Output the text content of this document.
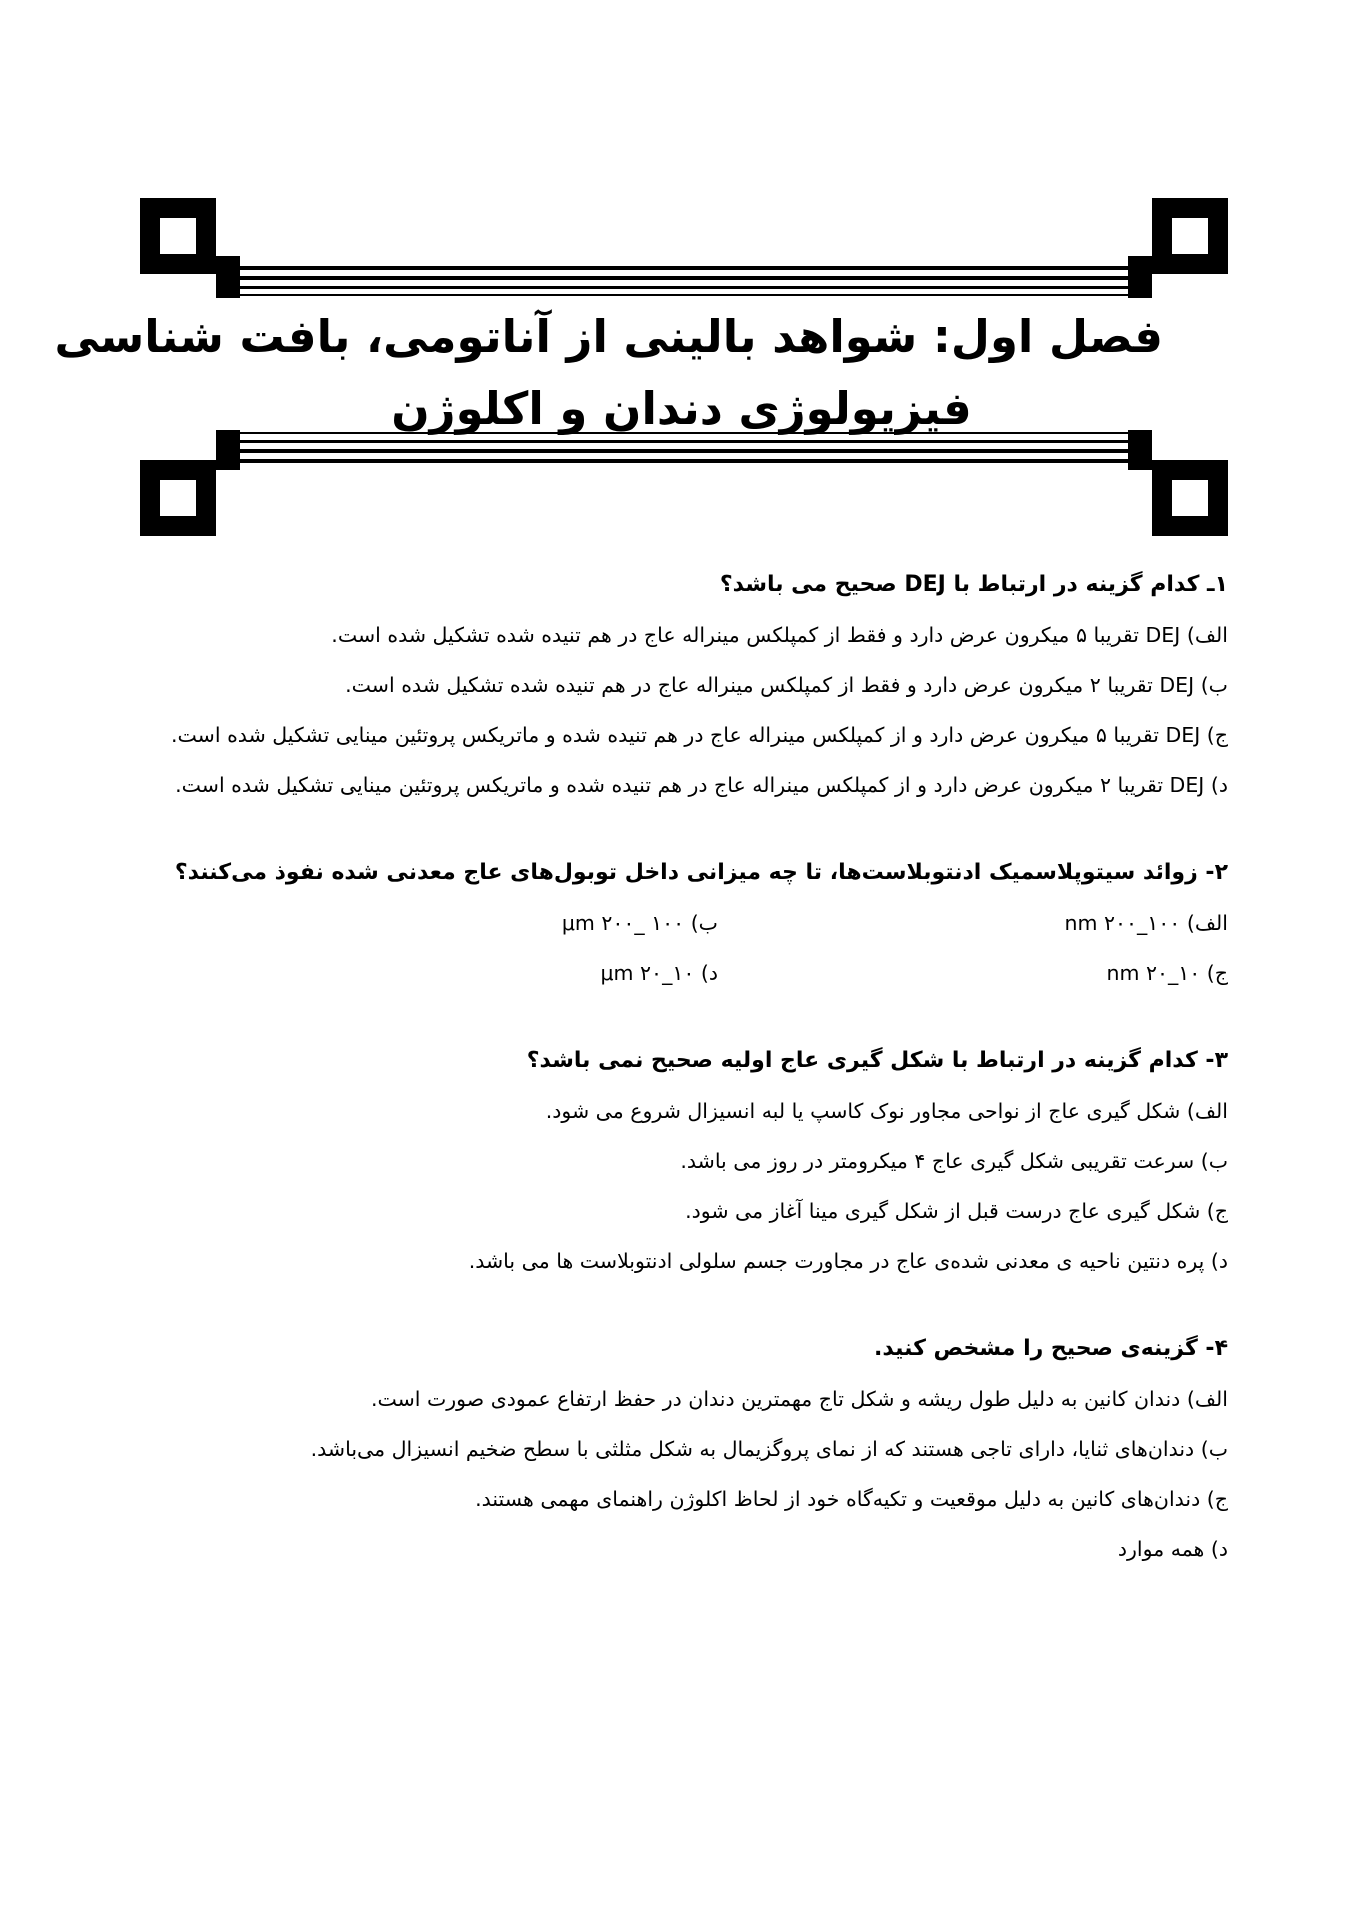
فصل اول: شواهد بالینی از آناتومی، بافت شناسی
فیزیولوژی دندان و اکلوژن
۱ـ کدام گزینه در ارتباط با DEJ صحیح می باشد؟
الف) DEJ تقریبا ۵ میکرون عرض دارد و فقط از کمپلکس مینراله عاج در هم تنیده شده تشکیل شده است.
ب) DEJ تقریبا ۲ میکرون عرض دارد و فقط از کمپلکس مینراله عاج در هم تنیده شده تشکیل شده است.
ج) DEJ تقریبا ۵ میکرون عرض دارد و از کمپلکس مینراله عاج در هم تنیده شده و ماتریکس پروتئین مینایی تشکیل شده است.
د) DEJ تقریبا ۲ میکرون عرض دارد و از کمپلکس مینراله عاج در هم تنیده شده و ماتریکس پروتئین مینایی تشکیل شده است.
۲- زوائد سیتوپلاسمیک ادنتوبلاست‌ها، تا چه میزانی داخل توبول‌های عاج معدنی شده نفوذ می‌کنند؟
الف) nm ۲۰۰_۱۰۰
ب) μm ۲۰۰_ ۱۰۰
ج) nm ۲۰_۱۰
د) μm ۲۰_۱۰
۳- کدام گزینه در ارتباط با شکل گیری عاج اولیه صحیح نمی باشد؟
الف) شکل گیری عاج از نواحی مجاور نوک کاسپ یا لبه انسیزال شروع می شود.
ب) سرعت تقریبی شکل گیری عاج ۴ میکرومتر در روز می باشد.
ج) شکل گیری عاج درست قبل از شکل گیری مینا آغاز می شود.
د) پره دنتین ناحیه ی معدنی شده‌ی عاج در مجاورت جسم سلولی ادنتوبلاست ها می باشد.
۴- گزینه‌ی صحیح را مشخص کنید.
الف) دندان کانین به دلیل طول ریشه و شکل تاج مهمترین دندان در حفظ ارتفاع عمودی صورت است.
ب) دندان‌های ثنایا، دارای تاجی هستند که از نمای پروگزیمال به شکل مثلثی با سطح ضخیم انسیزال می‌باشد.
ج) دندان‌های کانین به دلیل موقعیت و تکیه‌گاه خود از لحاظ اکلوژن راهنمای مهمی هستند.
د) همه موارد
